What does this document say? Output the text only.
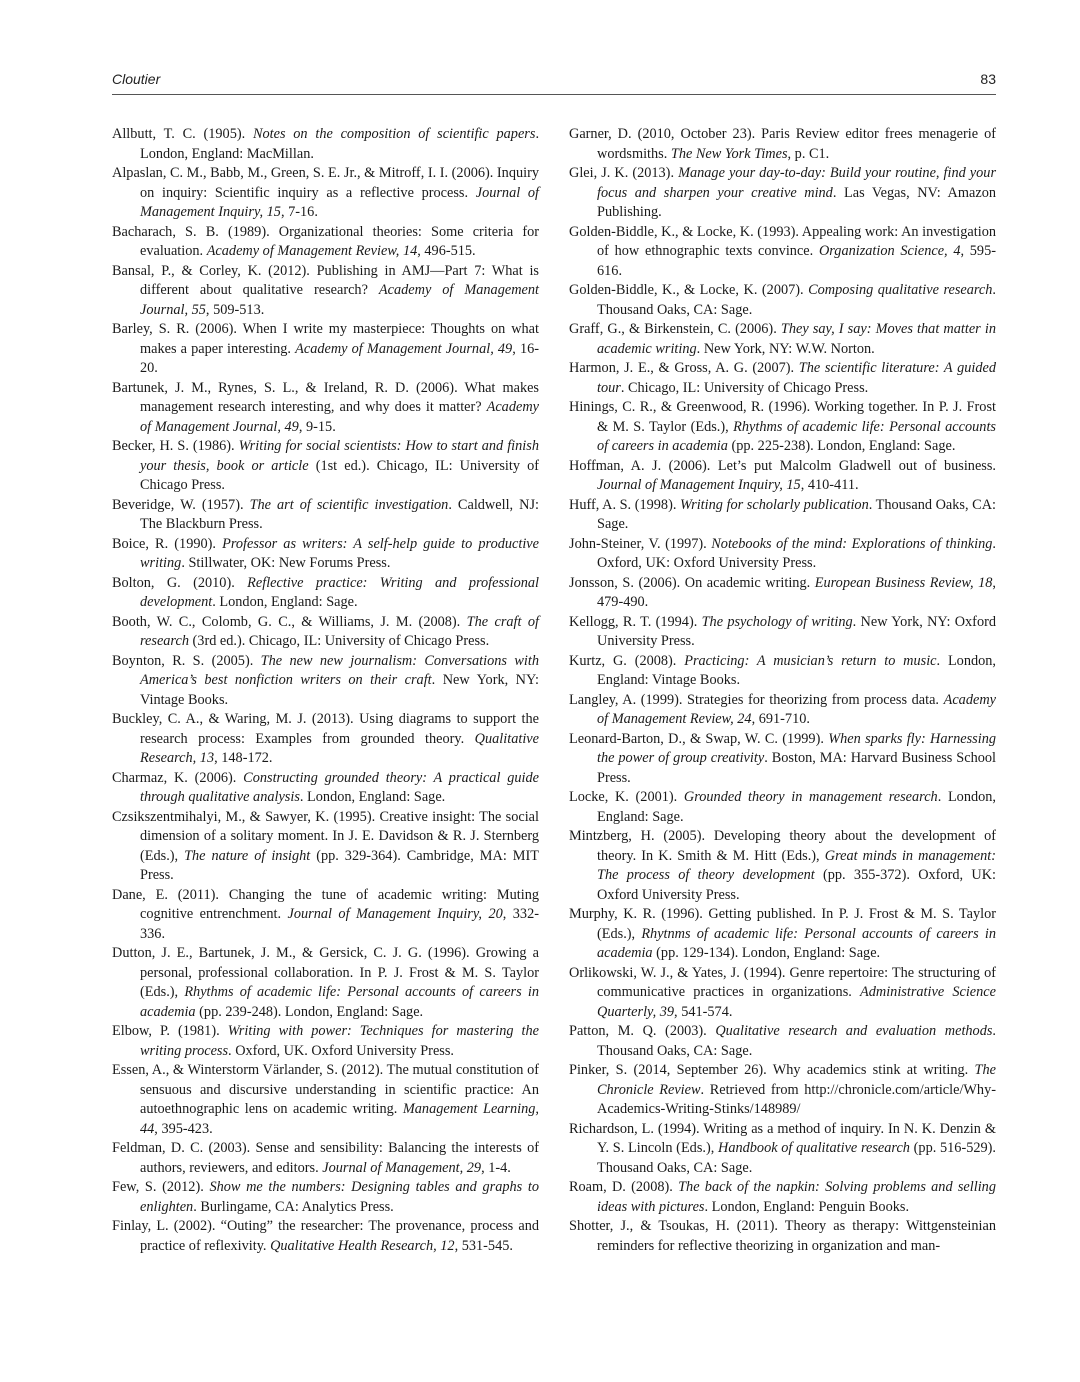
Cloutier	83

Allbutt, T. C. (1905). Notes on the composition of scientific papers. London, England: MacMillan.

Alpaslan, C. M., Babb, M., Green, S. E. Jr., & Mitroff, I. I. (2006). Inquiry on inquiry: Scientific inquiry as a reflective process. Journal of Management Inquiry, 15, 7-16.

Bacharach, S. B. (1989). Organizational theories: Some criteria for evaluation. Academy of Management Review, 14, 496-515.

Bansal, P., & Corley, K. (2012). Publishing in AMJ—Part 7: What is different about qualitative research? Academy of Management Journal, 55, 509-513.

Barley, S. R. (2006). When I write my masterpiece: Thoughts on what makes a paper interesting. Academy of Management Journal, 49, 16-20.

Bartunek, J. M., Rynes, S. L., & Ireland, R. D. (2006). What makes management research interesting, and why does it matter? Academy of Management Journal, 49, 9-15.

Becker, H. S. (1986). Writing for social scientists: How to start and finish your thesis, book or article (1st ed.). Chicago, IL: University of Chicago Press.

Beveridge, W. (1957). The art of scientific investigation. Caldwell, NJ: The Blackburn Press.

Boice, R. (1990). Professor as writers: A self-help guide to productive writing. Stillwater, OK: New Forums Press.

Bolton, G. (2010). Reflective practice: Writing and professional development. London, England: Sage.

Booth, W. C., Colomb, G. C., & Williams, J. M. (2008). The craft of research (3rd ed.). Chicago, IL: University of Chicago Press.

Boynton, R. S. (2005). The new new journalism: Conversations with America’s best nonfiction writers on their craft. New York, NY: Vintage Books.

Buckley, C. A., & Waring, M. J. (2013). Using diagrams to support the research process: Examples from grounded theory. Qualitative Research, 13, 148-172.

Charmaz, K. (2006). Constructing grounded theory: A practical guide through qualitative analysis. London, England: Sage.

Czsikszentmihalyi, M., & Sawyer, K. (1995). Creative insight: The social dimension of a solitary moment. In J. E. Davidson & R. J. Sternberg (Eds.), The nature of insight (pp. 329-364). Cambridge, MA: MIT Press.

Dane, E. (2011). Changing the tune of academic writing: Muting cognitive entrenchment. Journal of Management Inquiry, 20, 332-336.

Dutton, J. E., Bartunek, J. M., & Gersick, C. J. G. (1996). Growing a personal, professional collaboration. In P. J. Frost & M. S. Taylor (Eds.), Rhythms of academic life: Personal accounts of careers in academia (pp. 239-248). London, England: Sage.

Elbow, P. (1981). Writing with power: Techniques for mastering the writing process. Oxford, UK. Oxford University Press.

Essen, A., & Winterstorm Värlander, S. (2012). The mutual constitution of sensuous and discursive understanding in scientific practice: An autoethnographic lens on academic writing. Management Learning, 44, 395-423.

Feldman, D. C. (2003). Sense and sensibility: Balancing the interests of authors, reviewers, and editors. Journal of Management, 29, 1-4.

Few, S. (2012). Show me the numbers: Designing tables and graphs to enlighten. Burlingame, CA: Analytics Press.

Finlay, L. (2002). “Outing” the researcher: The provenance, process and practice of reflexivity. Qualitative Health Research, 12, 531-545.

Garner, D. (2010, October 23). Paris Review editor frees menagerie of wordsmiths. The New York Times, p. C1.

Glei, J. K. (2013). Manage your day-to-day: Build your routine, find your focus and sharpen your creative mind. Las Vegas, NV: Amazon Publishing.

Golden-Biddle, K., & Locke, K. (1993). Appealing work: An investigation of how ethnographic texts convince. Organization Science, 4, 595-616.

Golden-Biddle, K., & Locke, K. (2007). Composing qualitative research. Thousand Oaks, CA: Sage.

Graff, G., & Birkenstein, C. (2006). They say, I say: Moves that matter in academic writing. New York, NY: W.W. Norton.

Harmon, J. E., & Gross, A. G. (2007). The scientific literature: A guided tour. Chicago, IL: University of Chicago Press.

Hinings, C. R., & Greenwood, R. (1996). Working together. In P. J. Frost & M. S. Taylor (Eds.), Rhythms of academic life: Personal accounts of careers in academia (pp. 225-238). London, England: Sage.

Hoffman, A. J. (2006). Let’s put Malcolm Gladwell out of business. Journal of Management Inquiry, 15, 410-411.

Huff, A. S. (1998). Writing for scholarly publication. Thousand Oaks, CA: Sage.

John-Steiner, V. (1997). Notebooks of the mind: Explorations of thinking. Oxford, UK: Oxford University Press.

Jonsson, S. (2006). On academic writing. European Business Review, 18, 479-490.

Kellogg, R. T. (1994). The psychology of writing. New York, NY: Oxford University Press.

Kurtz, G. (2008). Practicing: A musician’s return to music. London, England: Vintage Books.

Langley, A. (1999). Strategies for theorizing from process data. Academy of Management Review, 24, 691-710.

Leonard-Barton, D., & Swap, W. C. (1999). When sparks fly: Harnessing the power of group creativity. Boston, MA: Harvard Business School Press.

Locke, K. (2001). Grounded theory in management research. London, England: Sage.

Mintzberg, H. (2005). Developing theory about the development of theory. In K. Smith & M. Hitt (Eds.), Great minds in management: The process of theory development (pp. 355-372). Oxford, UK: Oxford University Press.

Murphy, K. R. (1996). Getting published. In P. J. Frost & M. S. Taylor (Eds.), Rhytnms of academic life: Personal accounts of careers in academia (pp. 129-134). London, England: Sage.

Orlikowski, W. J., & Yates, J. (1994). Genre repertoire: The structuring of communicative practices in organizations. Administrative Science Quarterly, 39, 541-574.

Patton, M. Q. (2003). Qualitative research and evaluation methods. Thousand Oaks, CA: Sage.

Pinker, S. (2014, September 26). Why academics stink at writing. The Chronicle Review. Retrieved from http://chronicle.com/article/Why-Academics-Writing-Stinks/148989/

Richardson, L. (1994). Writing as a method of inquiry. In N. K. Denzin & Y. S. Lincoln (Eds.), Handbook of qualitative research (pp. 516-529). Thousand Oaks, CA: Sage.

Roam, D. (2008). The back of the napkin: Solving problems and selling ideas with pictures. London, England: Penguin Books.

Shotter, J., & Tsoukas, H. (2011). Theory as therapy: Wittgensteinian reminders for reflective theorizing in organization and man-
